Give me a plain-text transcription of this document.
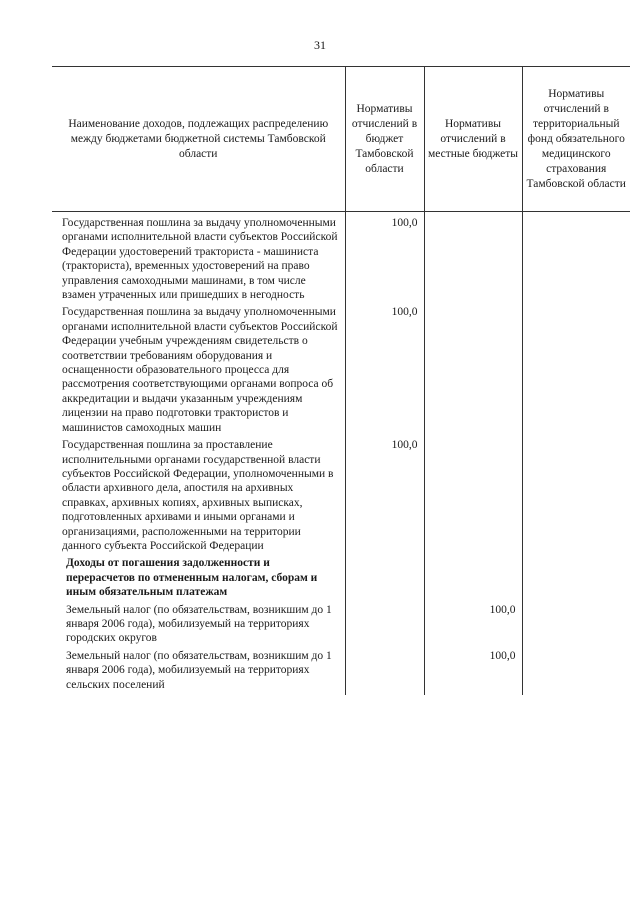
31
Наименование доходов, подлежащих распределению между бюджетами бюджетной системы Тамбовской области	Нормативы отчислений в бюджет Тамбовской области	Нормативы отчислений в местные бюджеты	Нормативы отчислений в территориальный фонд обязательного медицинского страхования Тамбовской области
Государственная пошлина за выдачу уполномоченными органами исполнительной власти субъектов Российской Федерации удостоверений тракториста - машиниста (тракториста), временных удостоверений на право управления самоходными машинами, в том числе взамен утраченных или пришедших в негодность	100,0		
Государственная пошлина за выдачу уполномоченными органами исполнительной власти субъектов Российской Федерации учебным учреждениям свидетельств о соответствии требованиям оборудования и оснащенности образовательного процесса для рассмотрения соответствующими органами вопроса об аккредитации и выдачи указанным учреждениям лицензии на право подготовки трактористов и машинистов самоходных машин	100,0		
Государственная пошлина за проставление исполнительными органами государственной власти субъектов Российской Федерации, уполномоченными в области архивного дела, апостиля на архивных справках, архивных копиях, архивных выписках, подготовленных архивами и иными органами и организациями, расположенными на территории данного субъекта Российской Федерации	100,0		
Доходы от погашения задолженности и перерасчетов по отмененным налогам, сборам и иным обязательным платежам			
Земельный налог (по обязательствам, возникшим до 1 января 2006 года), мобилизуемый на территориях городских округов		100,0	
Земельный налог (по обязательствам, возникшим до 1 января 2006 года), мобилизуемый на территориях сельских поселений		100,0	
